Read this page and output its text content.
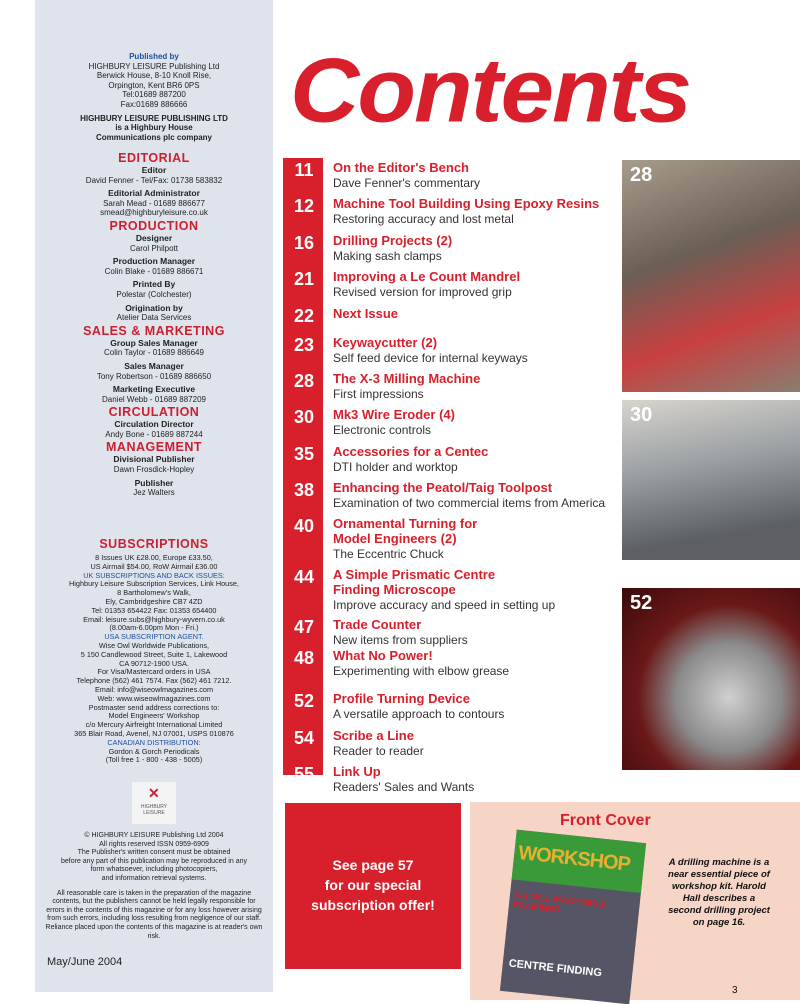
Published by
HIGHBURY LEISURE Publishing Ltd
Berwick House, 8-10 Knoll Rise,
Orpington, Kent BR6 0PS
Tel:01689 887200
Fax:01689 886666
HIGHBURY LEISURE PUBLISHING LTD
is a Highbury House
Communications plc company
EDITORIAL
Editor
David Fenner - Tel/Fax: 01738 583832
Editorial Administrator
Sarah Mead - 01689 886677
smead@highburyleisure.co.uk
PRODUCTION
Designer
Carol Philpott
Production Manager
Colin Blake - 01689 886671
Printed By
Polestar (Colchester)
Origination by
Atelier Data Services
SALES & MARKETING
Group Sales Manager
Colin Taylor - 01689 886649
Sales Manager
Tony Robertson - 01689 886650
Marketing Executive
Daniel Webb - 01689 887209
CIRCULATION
Circulation Director
Andy Bone - 01689 887244
MANAGEMENT
Divisional Publisher
Dawn Frosdick-Hopley
Publisher
Jez Walters
SUBSCRIPTIONS
8 Issues UK £28.00, Europe £33.50,
US Airmail $54.00, RoW Airmail £36.00
UK SUBSCRIPTIONS AND BACK ISSUES:
Highbury Leisure Subscription Services, Link House,
8 Bartholomew's Walk,
Ely, Cambridgeshire CB7 4ZD
Tel: 01353 654422 Fax: 01353 654400
Email: leisure.subs@highbury-wyvern.co.uk
(8.00am-6.00pm Mon - Fri.)
USA SUBSCRIPTION AGENT.
Wise Owl Worldwide Publications,
5 150 Candlewood Street, Suite 1, Lakewood
CA 90712-1900 USA.
For Visa/Mastercard orders in USA
Telephone (562) 461 7574. Fax (562) 461 7212.
Email: info@wiseowlmagazines.com
Web: www.wiseowlmagazines.com
Postmaster send address corrections to:
Model Engineers' Workshop
c/o Mercury Airfreight International Limited
365 Blair Road, Avenel, NJ 07001, USPS 010876
CANADIAN DISTRIBUTION:
Gordon & Gorch Periodicals
(Toll free 1 - 800 - 438 - 5005)
✕
HIGHBURY LEISURE
© HIGHBURY LEISURE Publishing Ltd 2004
All rights reserved ISSN 0959-6909
The Publisher's written consent must be obtained
before any part of this publication may be reproduced in any
form whatsoever, including photocopiers,
and information retrieval systems.
All reasonable care is taken in the preparation of the magazine contents, but the publishers cannot be held legally responsible for errors in the contents of this magazine or for any loss however arising from such errors, including loss resulting from negligence of our staff. Reliance placed upon the contents of this magazine is at reader's own risk.
May/June 2004
Contents
11	On the Editor's Bench
Dave Fenner's commentary
12	Machine Tool Building Using Epoxy Resins
Restoring accuracy and lost metal
16	Drilling Projects (2)
Making sash clamps
21	Improving a Le Count Mandrel
Revised version for improved grip
22	Next Issue
23	Keywaycutter (2)
Self feed device for internal keyways
28	The X-3 Milling Machine
First impressions
30	Mk3 Wire Eroder (4)
Electronic controls
35	Accessories for a Centec
DTI holder and worktop
38	Enhancing the Peatol/Taig Toolpost
Examination of two commercial items from America
40	Ornamental Turning for
Model Engineers (2)
The Eccentric Chuck
44	A Simple Prismatic Centre
Finding Microscope
Improve accuracy and speed in setting up
47	Trade Counter
New items from suppliers
48	What No Power!
Experimenting with elbow grease
52	Profile Turning Device
A versatile approach to contours
54	Scribe a Line
Reader to reader
55	Link Up
Readers' Sales and Wants
28
30
52
See page 57
for our special
subscription offer!
Front Cover
WORKSHOP
X-3 MILL MACHINING EXAMINED
CENTRE FINDING
A drilling machine is a near essential piece of workshop kit. Harold Hall describes a second drilling project on page 16.
3
